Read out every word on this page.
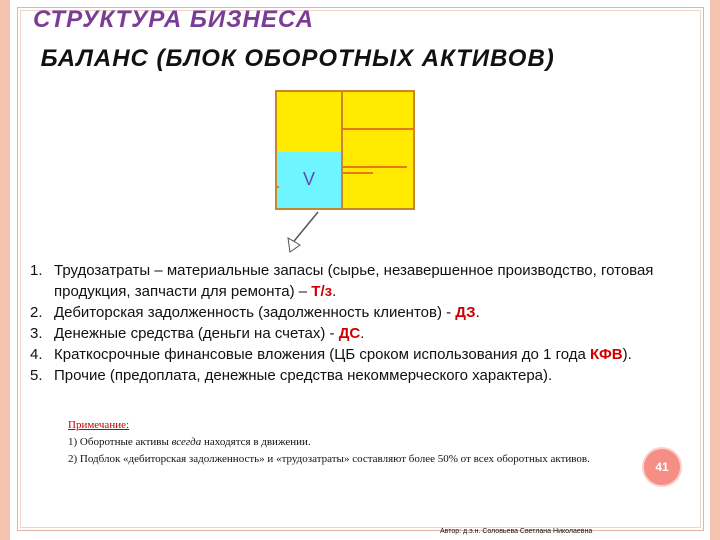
СТРУКТУРА БИЗНЕСА
БАЛАНС (БЛОК ОБОРОТНЫХ АКТИВОВ)
V
1. Трудозатраты – материальные запасы (сырье, незавершенное производство, готовая продукция, запчасти для ремонта) – Т/з.
2. Дебиторская задолженность (задолженность клиентов) - ДЗ.
3. Денежные средства (деньги на счетах) - ДС.
4. Краткосрочные финансовые вложения (ЦБ сроком использования до 1 года КФВ).
5. Прочие (предоплата, денежные средства некоммерческого характера).
Примечание:
1) Оборотные активы всегда находятся в движении.
2) Подблок «дебиторская задолженность» и «трудозатраты» составляют более 50% от всех оборотных активов.
41
Автор: д.э.н. Соловьева Светлана Николаевна
